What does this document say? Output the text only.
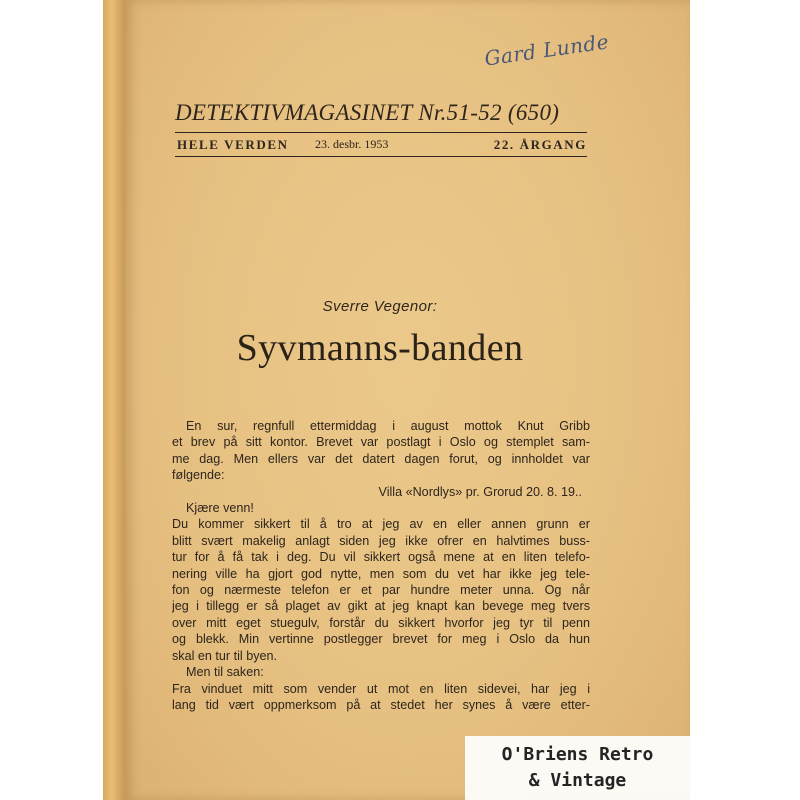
Gard Lunde
DETEKTIVMAGASINET Nr.51-52 (650)
HELE VERDEN 23. desbr. 1953	22. ÅRGANG
Sverre Vegenor:
Syvmanns-banden
En sur, regnfull ettermiddag i august mottok Knut Gribb
et brev på sitt kontor. Brevet var postlagt i Oslo og stemplet sam-
me dag. Men ellers var det datert dagen forut, og innholdet var
følgende:
Villa «Nordlys» pr. Grorud 20. 8. 19..
Kjære venn!
Du kommer sikkert til å tro at jeg av en eller annen grunn er
blitt svært makelig anlagt siden jeg ikke ofrer en halvtimes buss-
tur for å få tak i deg. Du vil sikkert også mene at en liten telefo-
nering ville ha gjort god nytte, men som du vet har ikke jeg tele-
fon og nærmeste telefon er et par hundre meter unna. Og når
jeg i tillegg er så plaget av gikt at jeg knapt kan bevege meg tvers
over mitt eget stuegulv, forstår du sikkert hvorfor jeg tyr til penn
og blekk. Min vertinne postlegger brevet for meg i Oslo da hun
skal en tur til byen.
Men til saken:
Fra vinduet mitt som vender ut mot en liten sidevei, har jeg i
lang tid vært oppmerksom på at stedet her synes å være etter-
O'Briens Retro
& Vintage
